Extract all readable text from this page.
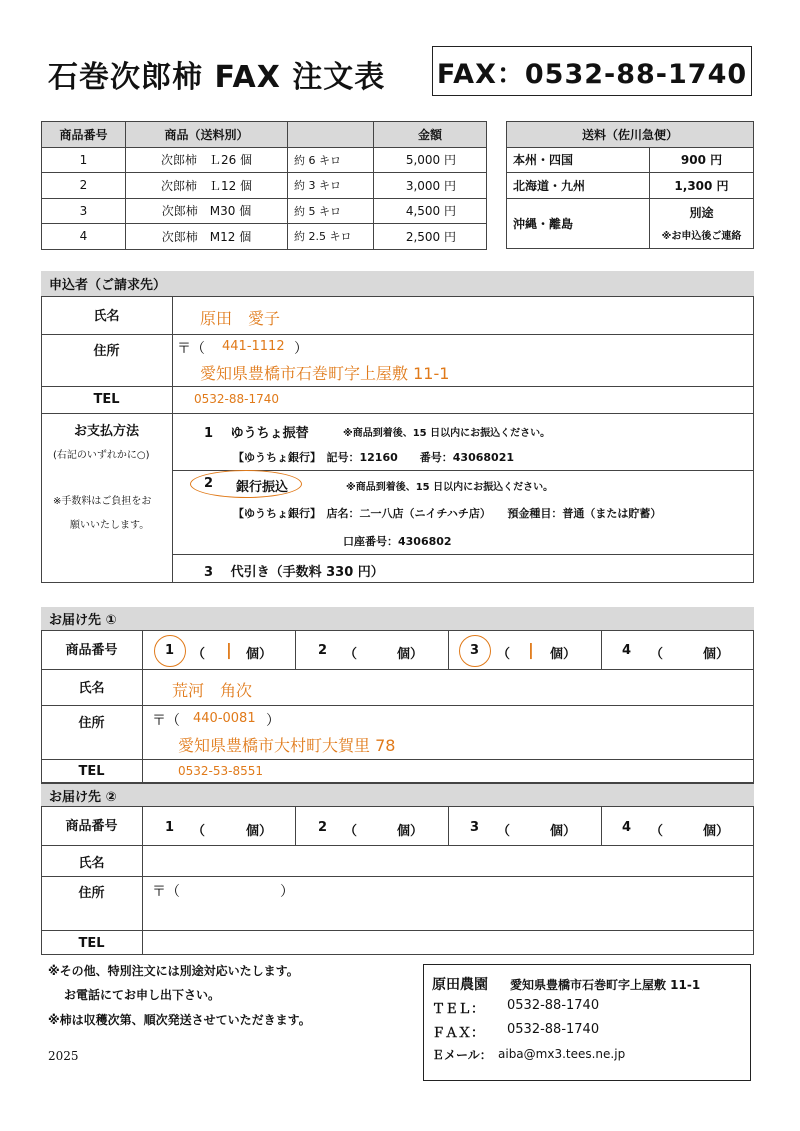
石巻次郎柿 FAX 注文表 FAX：0532-88-1740
商品番号	商品（送料別）		金額
1	次郎柿　Ｌ26 個	約 6 キロ	5,000 円
2	次郎柿　Ｌ12 個	約 3 キロ	3,000 円
3	次郎柿　M30 個	約 5 キロ	4,500 円
4	次郎柿　M12 個	約 2.5 キロ	2,500 円
送料（佐川急便）	
本州・四国	900 円
北海道・九州	1,300 円
沖縄・離島	別途
※お申込後ご連絡
申込者（ご請求先）
氏名	原田　愛子
住所	〒（ 441-1112 ）
愛知県豊橋市石巻町字上屋敷 11-1
TEL	0532-88-1740
お支払方法
(右記のいずれかに○)
※手数料はご負担をお
願いいたします。
1　 ゆうちょ振替	※商品到着後、15 日以内にお振込ください。
【ゆうちょ銀行】　記号：12160　　番号：43068021
2 銀行振込	※商品到着後、15 日以内にお振込ください。
【ゆうちょ銀行】　店名：二一八店（ニイチハチ店）　　預金種目：普通（または貯蓄）
口座番号：4306802
3　 代引き（手数料 330 円）
お届け先 ①
商品番号	1 （ | 個）	2 （	個）	3 （ | 個）	4 （	個）
氏名	荒河　角次
住所	〒（ 440-0081 ）
愛知県豊橋市大村町大賀里 78
TEL	0532-53-8551
お届け先 ②
商品番号	1 （	個）	2 （	個）	3 （	個）	4 （	個）
氏名
住所	〒（	）
TEL
※その他、特別注文には別途対応いたします。
お電話にてお申し出下さい。
※柿は収穫次第、順次発送させていただきます。
2025
原田農園 愛知県豊橋市石巻町字上屋敷 11-1
ＴＥＬ： 0532-88-1740
ＦＡＸ： 0532-88-1740
Ｅメール： aiba@mx3.tees.ne.jp
